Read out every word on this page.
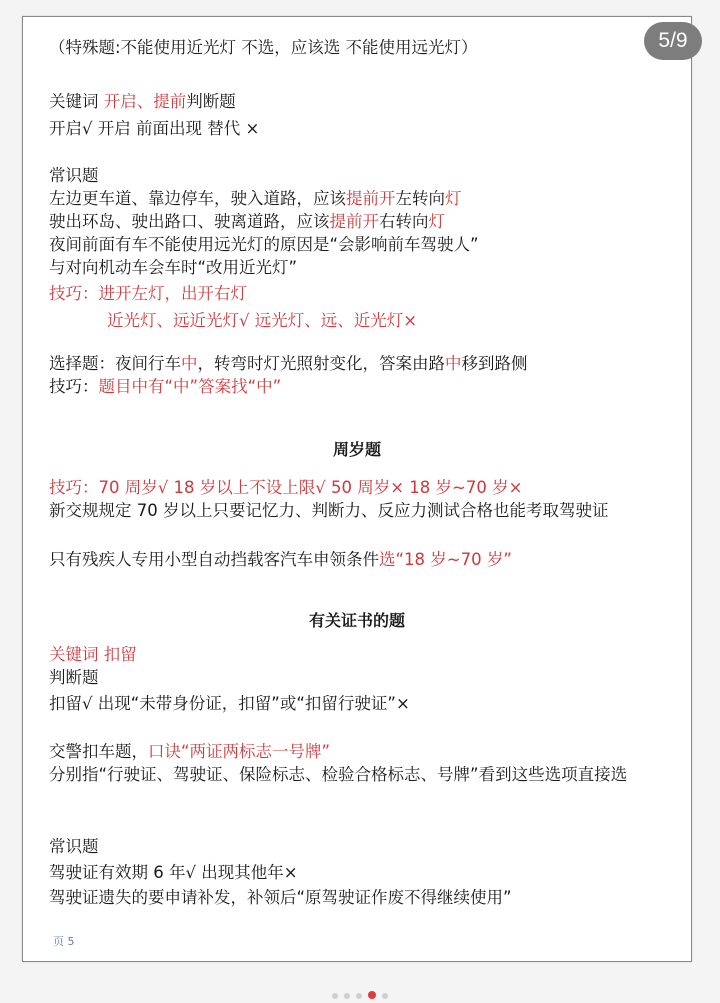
（特殊题:不能使用近光灯 不选，应该选 不能使用远光灯）
关键词 开启、提前判断题
开启√ 开启 前面出现 替代 ×
常识题
左边更车道、靠边停车，驶入道路，应该提前开左转向灯
驶出环岛、驶出路口、驶离道路，应该提前开右转向灯
夜间前面有车不能使用远光灯的原因是“会影响前车驾驶人”
与对向机动车会车时“改用近光灯”
技巧：进开左灯，出开右灯
近光灯、远近光灯√ 远光灯、远、近光灯×
选择题：夜间行车中，转弯时灯光照射变化，答案由路中移到路侧
技巧：题目中有“中”答案找“中”
周岁题
技巧：70 周岁√ 18 岁以上不设上限√ 50 周岁× 18 岁~70 岁×
新交规规定 70 岁以上只要记忆力、判断力、反应力测试合格也能考取驾驶证
只有残疾人专用小型自动挡载客汽车申领条件选“18 岁~70 岁”
有关证书的题
关键词 扣留
判断题
扣留√ 出现“未带身份证，扣留”或“扣留行驶证”×
交警扣车题，口诀“两证两标志一号牌”
分别指“行驶证、驾驶证、保险标志、检验合格标志、号牌”看到这些选项直接选
常识题
驾驶证有效期 6 年√ 出现其他年×
驾驶证遗失的要申请补发，补领后“原驾驶证作废不得继续使用”
页 5
5/9
